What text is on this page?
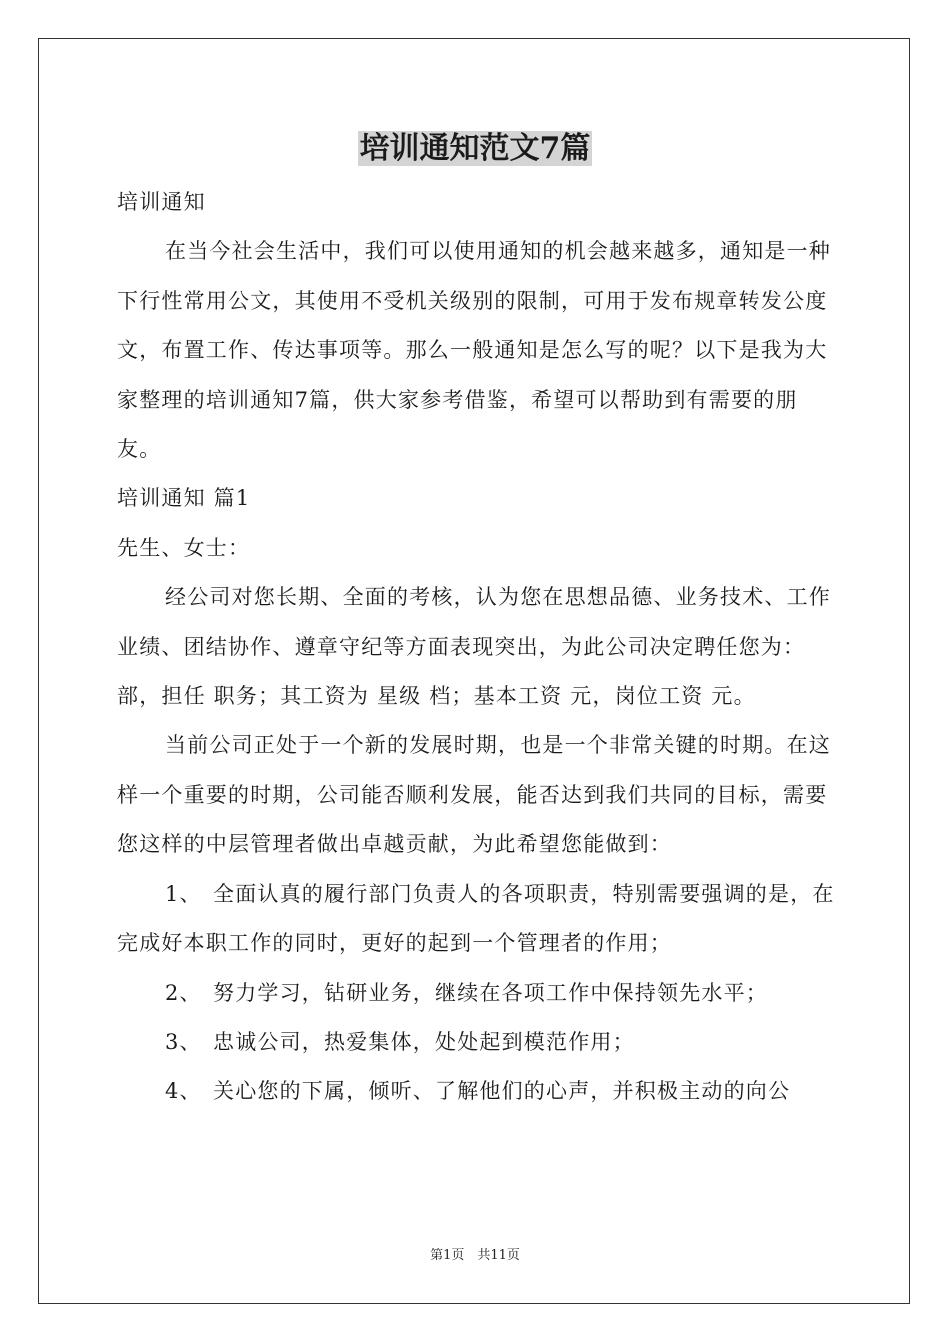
培训通知范文7篇

培训通知

在当今社会生活中，我们可以使用通知的机会越来越多，通知是一种下行性常用公文，其使用不受机关级别的限制，可用于发布规章转发公度文，布置工作、传达事项等。那么一般通知是怎么写的呢？以下是我为大家整理的培训通知7篇，供大家参考借鉴，希望可以帮助到有需要的朋友。

培训通知 篇1

先生、女士：

经公司对您长期、全面的考核，认为您在思想品德、业务技术、工作业绩、团结协作、遵章守纪等方面表现突出，为此公司决定聘任您为： 部，担任 职务；其工资为 星级 档；基本工资 元，岗位工资 元。

当前公司正处于一个新的发展时期，也是一个非常关键的时期。在这样一个重要的时期，公司能否顺利发展，能否达到我们共同的目标，需要您这样的中层管理者做出卓越贡献，为此希望您能做到：

1、 全面认真的履行部门负责人的各项职责，特别需要强调的是，在完成好本职工作的同时，更好的起到一个管理者的作用；

2、 努力学习，钻研业务，继续在各项工作中保持领先水平；

3、 忠诚公司，热爱集体，处处起到模范作用；

4、 关心您的下属，倾听、了解他们的心声，并积极主动的向公

第1页　共11页
